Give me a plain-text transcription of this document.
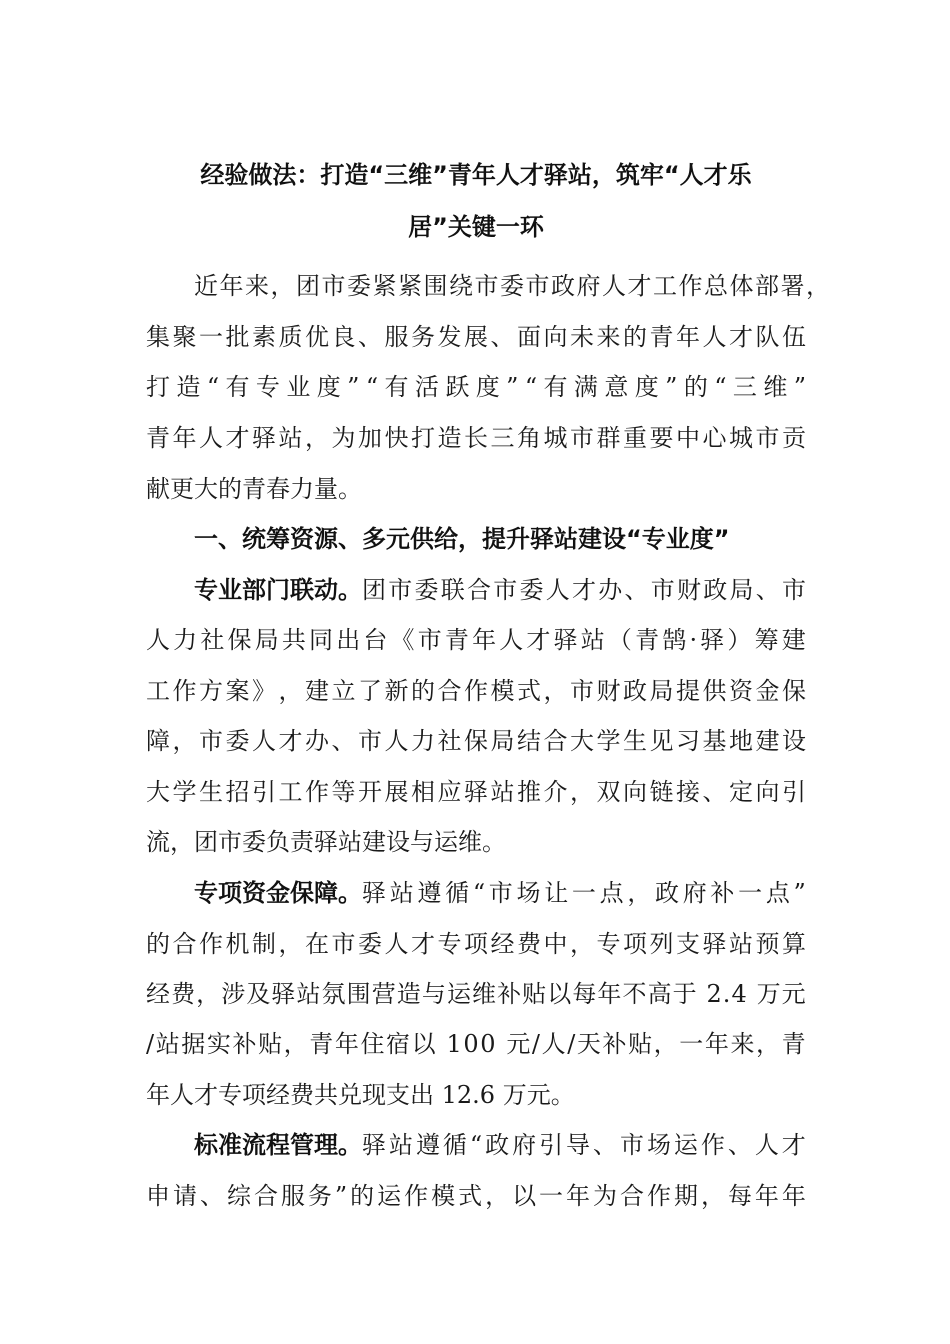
经验做法：打造“三维”青年人才驿站，筑牢“人才乐
居”关键一环
近 年 来 ， 团 市 委 紧 紧 围 绕 市 委 市 政 府 人 才 工 作 总 体 部 署 ，
集 聚 一 批 素 质 优 良 、 服 务 发 展 、 面 向 未 来 的 青 年 人 才 队 伍
打 造 “ 有 专 业 度 ” “ 有 活 跃 度 ” “ 有 满 意 度 ” 的 “ 三 维 ”
青 年 人 才 驿 站 ， 为 加 快 打 造 长 三 角 城 市 群 重 要 中 心 城 市 贡
献更大的青春力量。
一、统筹资源、多元供给，提升驿站建设“专业度”
专业部门联动。 团 市 委 联 合 市 委 人 才 办 、 市 财 政 局 、 市
人 力 社 保 局 共 同 出 台 《 市 青 年 人 才 驿 站 （ 青 鹄 · 驿 ） 筹 建
工 作 方 案 》 ， 建 立 了 新 的 合 作 模 式 ， 市 财 政 局 提 供 资 金 保
障 ， 市 委 人 才 办 、 市 人 力 社 保 局 结 合 大 学 生 见 习 基 地 建 设
大 学 生 招 引 工 作 等 开 展 相 应 驿 站 推 介 ， 双 向 链 接 、 定 向 引
流，团市委负责驿站建设与运维。
专项资金保障。 驿 站 遵 循 “ 市 场 让 一 点 ， 政 府 补 一 点 ”
的 合 作 机 制 ， 在 市 委 人 才 专 项 经 费 中 ， 专 项 列 支 驿 站 预 算
经 费 ， 涉 及 驿 站 氛 围 营 造 与 运 维 补 贴 以 每 年 不 高 于
2 . 4
万 元
/ 站 据 实 补 贴 ， 青 年 住 宿 以
1 0 0
元 / 人 / 天 补 贴 ， 一 年 来 ， 青
年人才专项经费共兑现支出 12.6 万元。
标准流程管理。 驿 站 遵 循 “ 政 府 引 导 、 市 场 运 作 、 人 才
申 请 、 综 合 服 务 ” 的 运 作 模 式 ， 以 一 年 为 合 作 期 ， 每 年 年
